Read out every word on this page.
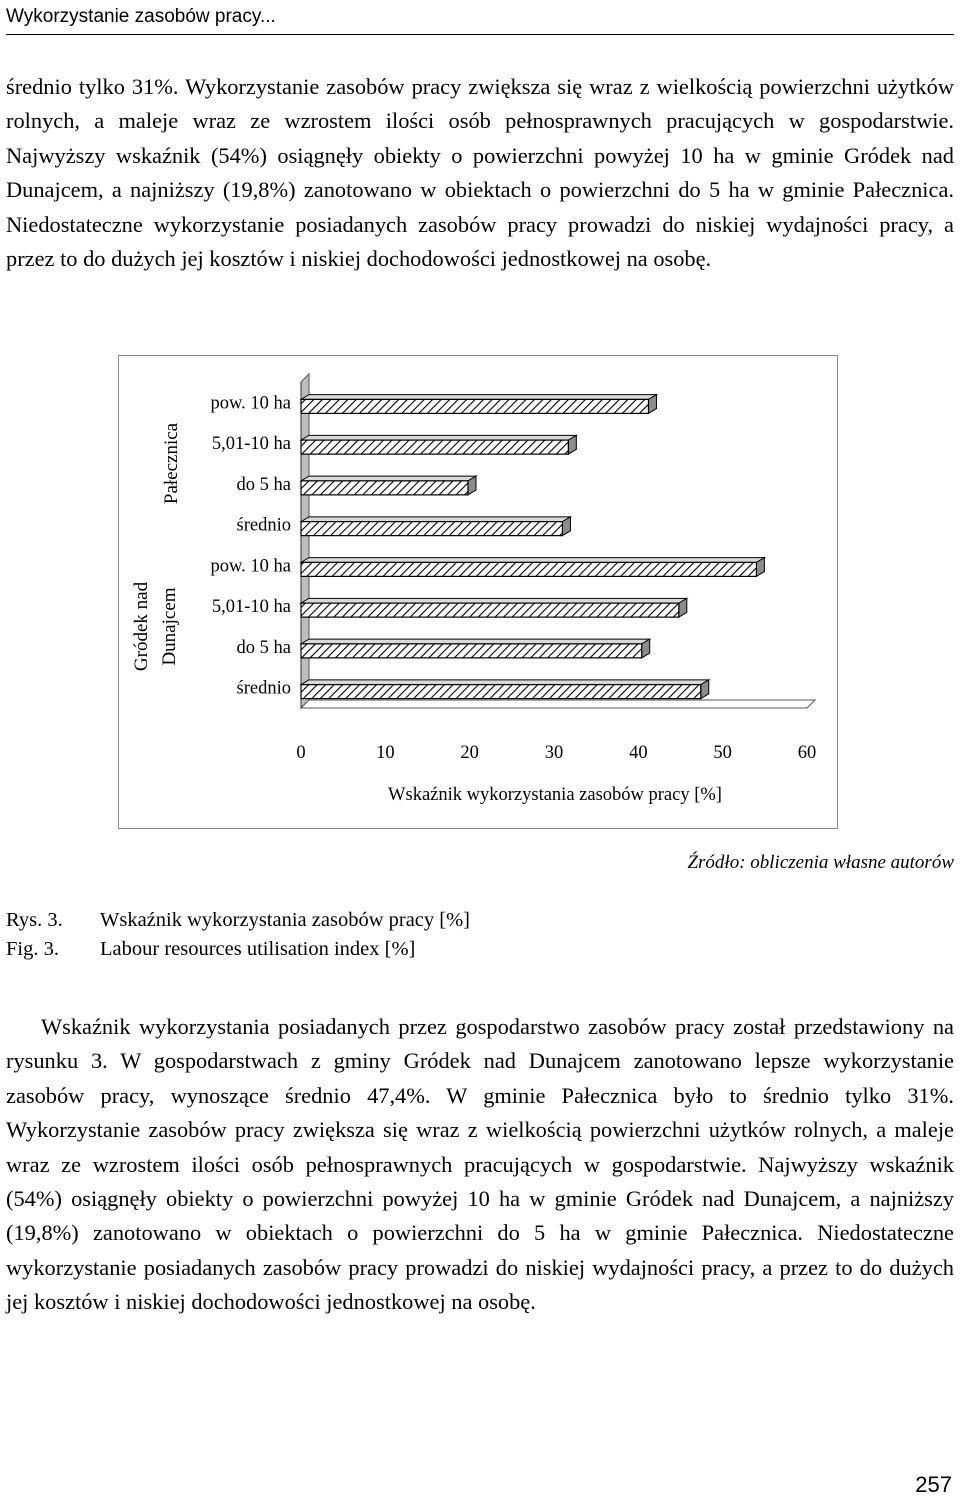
Wykorzystanie zasobów pracy...

średnio tylko 31%. Wykorzystanie zasobów pracy zwiększa się wraz z wielkością powierzchni użytków rolnych, a maleje wraz ze wzrostem ilości osób pełnosprawnych pracujących w gospodarstwie. Najwyższy wskaźnik (54%) osiągnęły obiekty o powierzchni powyżej 10 ha w gminie Gródek nad Dunajcem, a najniższy (19,8%) zanotowano w obiektach o powierzchni do 5 ha w gminie Pałecznica. Niedostateczne wykorzystanie posiadanych zasobów pracy prowadzi do niskiej wydajności pracy, a przez to do dużych jej kosztów i niskiej dochodowości jednostkowej na osobę.

pow. 10 ha
5,01-10 ha
do 5 ha
średnio
pow. 10 ha
5,01-10 ha
do 5 ha
średnio
Pałecznica
Gródek nad Dunajcem
0	10	20	30	40	50	60
Wskaźnik wykorzystania zasobów pracy [%]
Źródło: obliczenia własne autorów
Rys. 3. Wskaźnik wykorzystania zasobów pracy [%]
Fig. 3. Labour resources utilisation index [%]

Wskaźnik wykorzystania posiadanych przez gospodarstwo zasobów pracy został przedstawiony na rysunku 3. W gospodarstwach z gminy Gródek nad Dunajcem zanotowano lepsze wykorzystanie zasobów pracy, wynoszące średnio 47,4%. W gminie Pałecznica było to średnio tylko 31%. Wykorzystanie zasobów pracy zwiększa się wraz z wielkością powierzchni użytków rolnych, a maleje wraz ze wzrostem ilości osób pełnosprawnych pracujących w gospodarstwie. Najwyższy wskaźnik (54%) osiągnęły obiekty o powierzchni powyżej 10 ha w gminie Gródek nad Dunajcem, a najniższy (19,8%) zanotowano w obiektach o powierzchni do 5 ha w gminie Pałecznica. Niedostateczne wykorzystanie posiadanych zasobów pracy prowadzi do niskiej wydajności pracy, a przez to do dużych jej kosztów i niskiej dochodowości jednostkowej na osobę.

257
